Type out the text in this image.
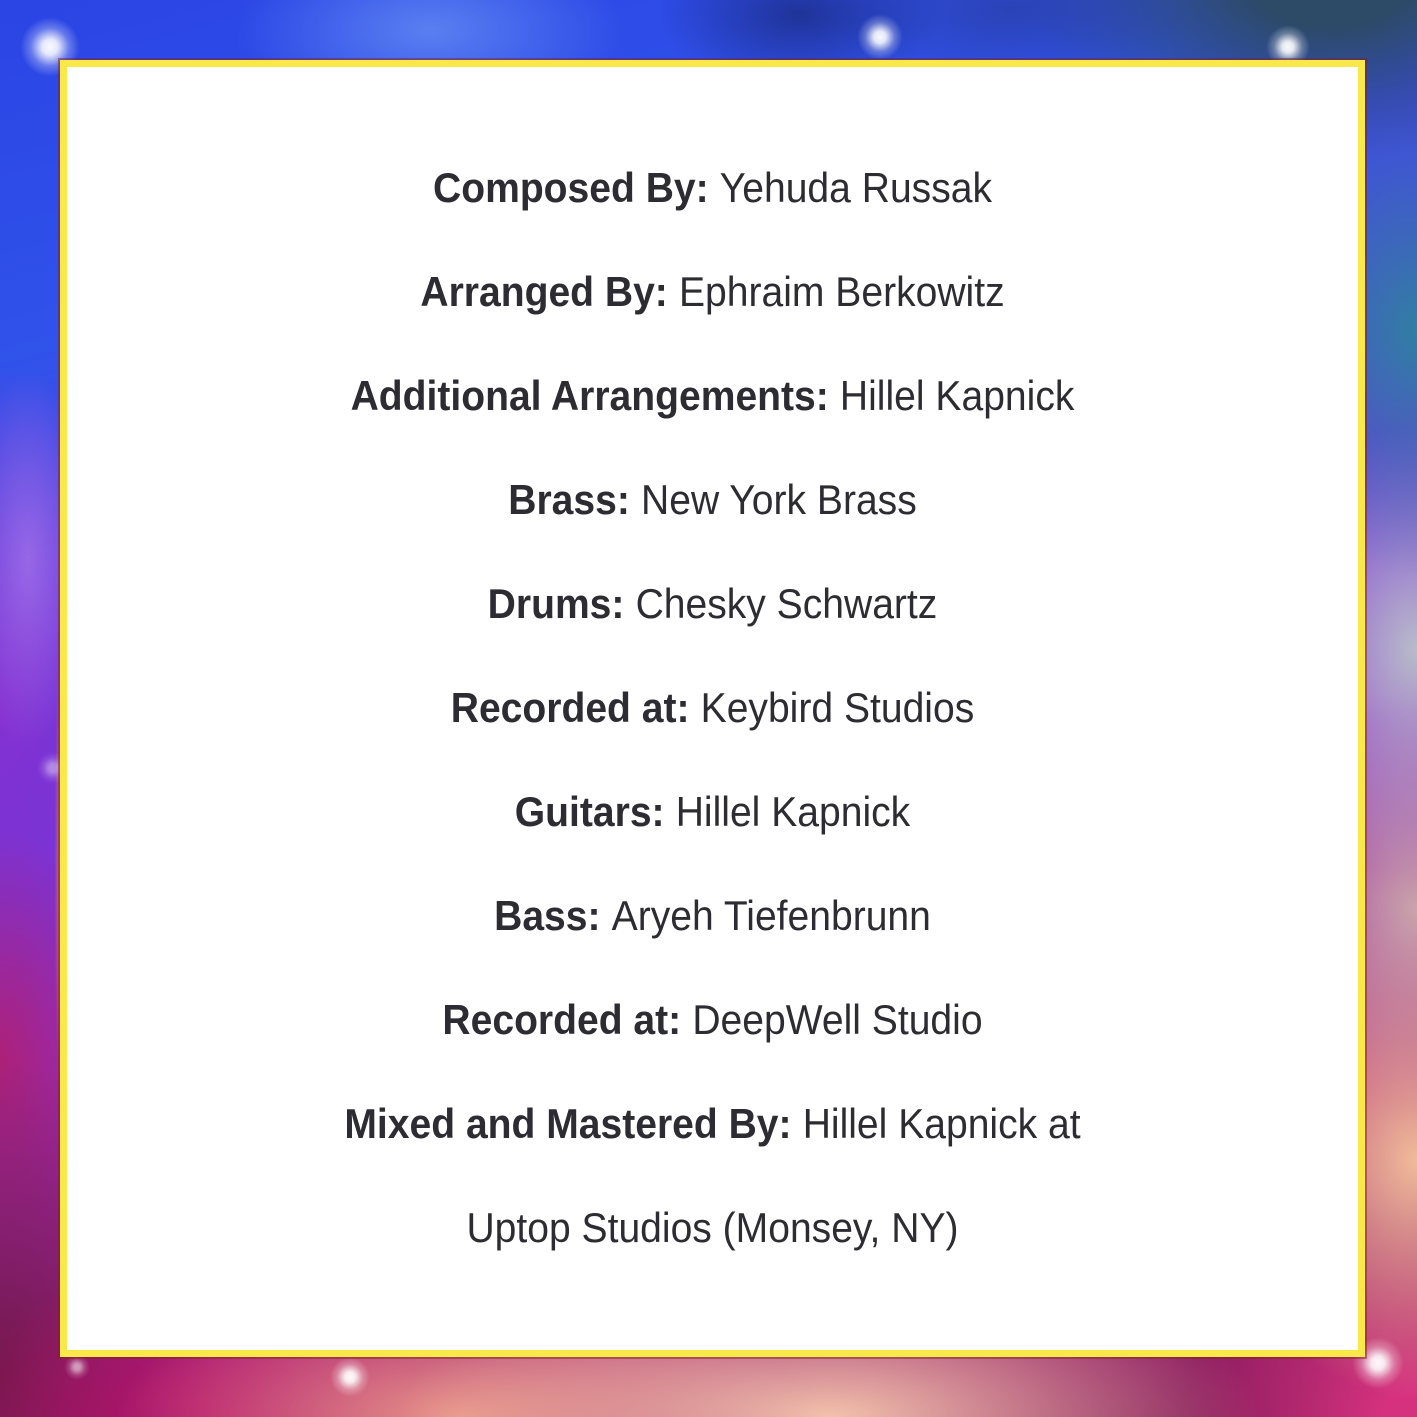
Composed By: Yehuda Russak
Arranged By: Ephraim Berkowitz
Additional Arrangements: Hillel Kapnick
Brass: New York Brass
Drums: Chesky Schwartz
Recorded at: Keybird Studios
Guitars: Hillel Kapnick
Bass: Aryeh Tiefenbrunn
Recorded at: DeepWell Studio
Mixed and Mastered By: Hillel Kapnick at
Uptop Studios (Monsey, NY)
